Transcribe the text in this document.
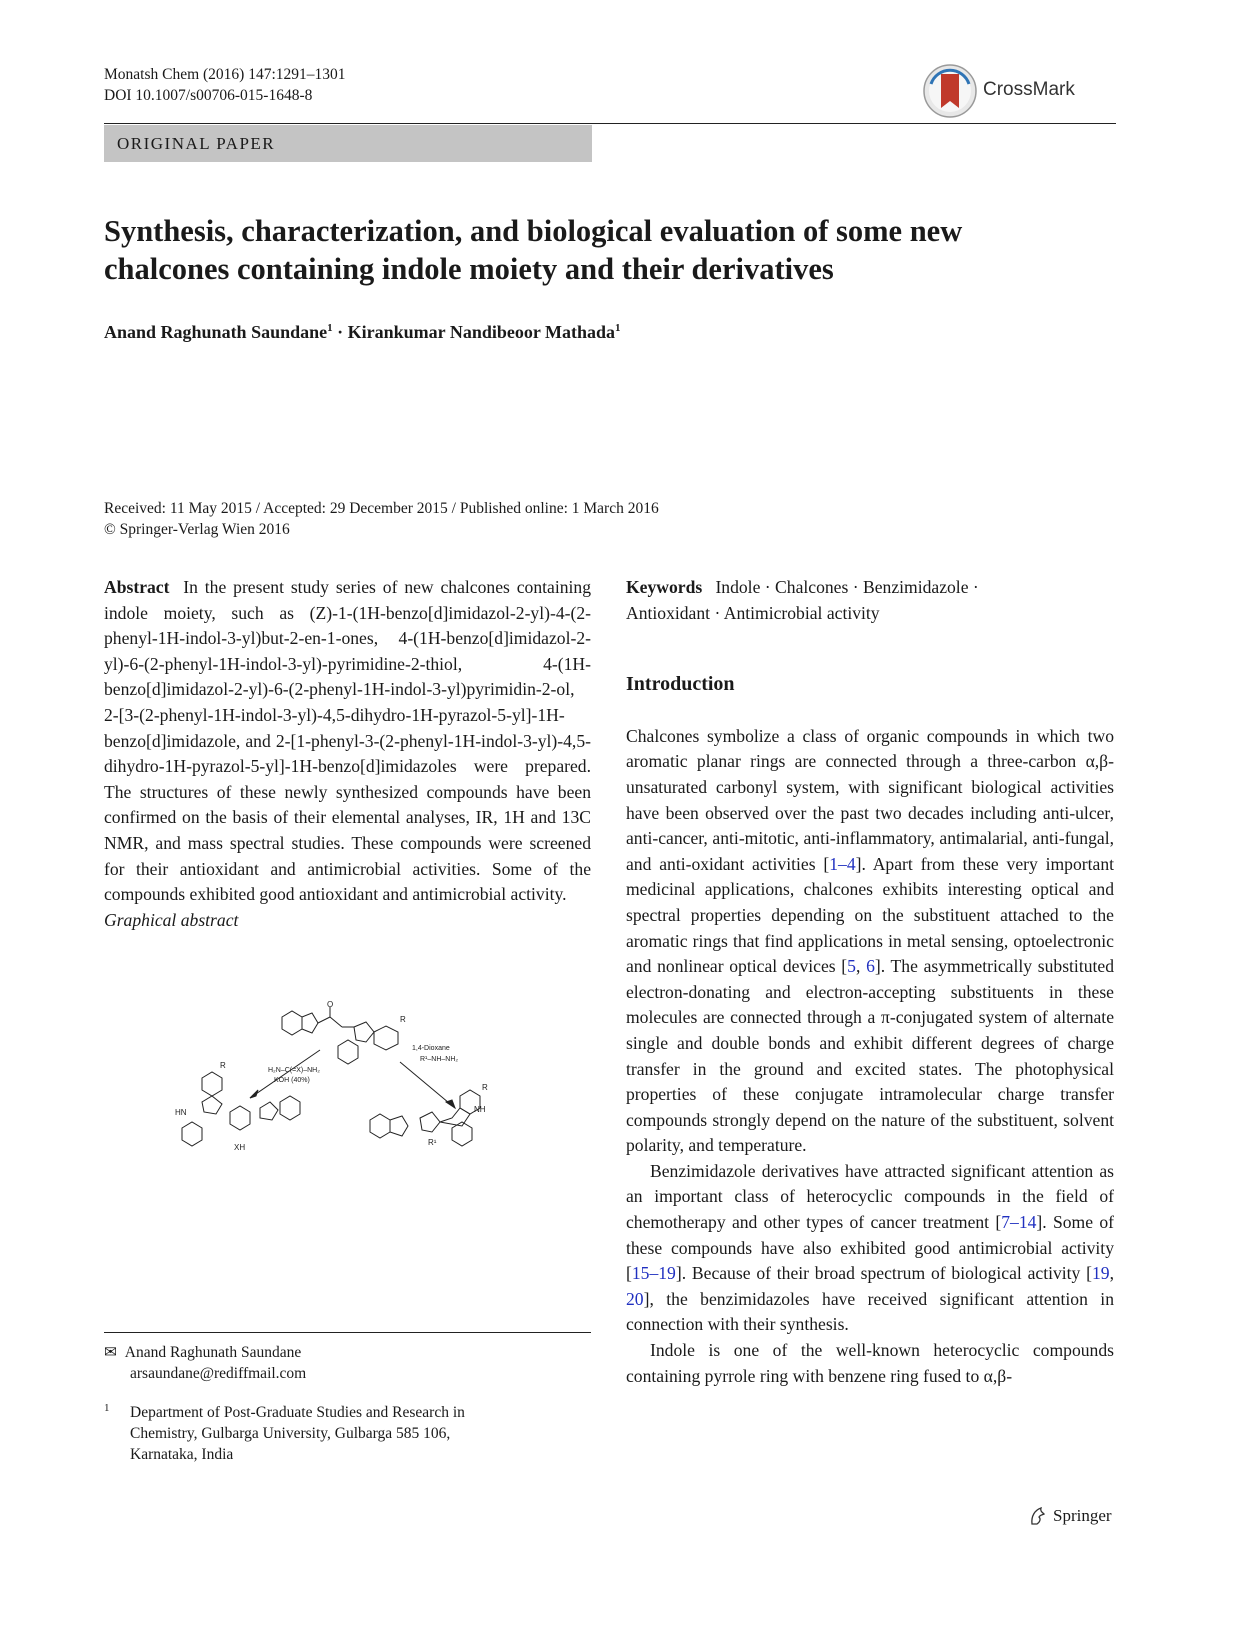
Monatsh Chem (2016) 147:1291–1301
DOI 10.1007/s00706-015-1648-8	CrossMark
ORIGINAL PAPER
Synthesis, characterization, and biological evaluation of some new
chalcones containing indole moiety and their derivatives
Anand Raghunath Saundane$^1$ · Kirankumar Nandibeoor Mathada$^1$
Received: 11 May 2015 / Accepted: 29 December 2015 / Published online: 1 March 2016
© Springer-Verlag Wien 2016

Abstract In the present study series of new chalcones containing indole moiety, such as (Z)-1-(1H-benzo[d]imidazol-2-yl)-4-(2-phenyl-1H-indol-3-yl)but-2-en-1-ones, 4-(1H-benzo[d]imidazol-2-yl)-6-(2-phenyl-1H-indol-3-yl)-pyrimidine-2-thiol, 4-(1H-benzo[d]imidazol-2-yl)-6-(2-phenyl-1H-indol-3-yl)pyrimidin-2-ol, 2-[3-(2-phenyl-1H-indol-3-yl)-4,5-dihydro-1H-pyrazol-5-yl]-1H-benzo[d]imidazole, and 2-[1-phenyl-3-(2-phenyl-1H-indol-3-yl)-4,5-dihydro-1H-pyrazol-5-yl]-1H-benzo[d]imidazoles were prepared. The structures of these newly synthesized compounds have been confirmed on the basis of their elemental analyses, IR, 1H and 13C NMR, and mass spectral studies. These compounds were screened for their antioxidant and antimicrobial activities. Some of the compounds exhibited good antioxidant and antimicrobial activity.

Graphical abstract

O
R
H₂N–C(=X)–NH₂
KOH (40%)
1,4-Dioxane
R¹–NH–NH₂
R
HN
XH
R
NH
R¹
✉ Anand Raghunath Saundane
arsaundane@rediffmail.com
1	Department of Post-Graduate Studies and Research in
Chemistry, Gulbarga University, Gulbarga 585 106,
Karnataka, India

Keywords Indole · Chalcones · Benzimidazole ·
Antioxidant · Antimicrobial activity

Introduction

Chalcones symbolize a class of organic compounds in which two aromatic planar rings are connected through a three-carbon α,β-unsaturated carbonyl system, with significant biological activities have been observed over the past two decades including anti-ulcer, anti-cancer, anti-mitotic, anti-inflammatory, antimalarial, anti-fungal, and anti-oxidant activities [1–4]. Apart from these very important medicinal applications, chalcones exhibits interesting optical and spectral properties depending on the substituent attached to the aromatic rings that find applications in metal sensing, optoelectronic and nonlinear optical devices [5, 6]. The asymmetrically substituted electron-donating and electron-accepting substituents in these molecules are connected through a π-conjugated system of alternate single and double bonds and exhibit different degrees of charge transfer in the ground and excited states. The photophysical properties of these conjugate intramolecular charge transfer compounds strongly depend on the nature of the substituent, solvent polarity, and temperature.

Benzimidazole derivatives have attracted significant attention as an important class of heterocyclic compounds in the field of chemotherapy and other types of cancer treatment [7–14]. Some of these compounds have also exhibited good antimicrobial activity [15–19]. Because of their broad spectrum of biological activity [19, 20], the benzimidazoles have received significant attention in connection with their synthesis.

Indole is one of the well-known heterocyclic compounds containing pyrrole ring with benzene ring fused to α,β-

Springer
